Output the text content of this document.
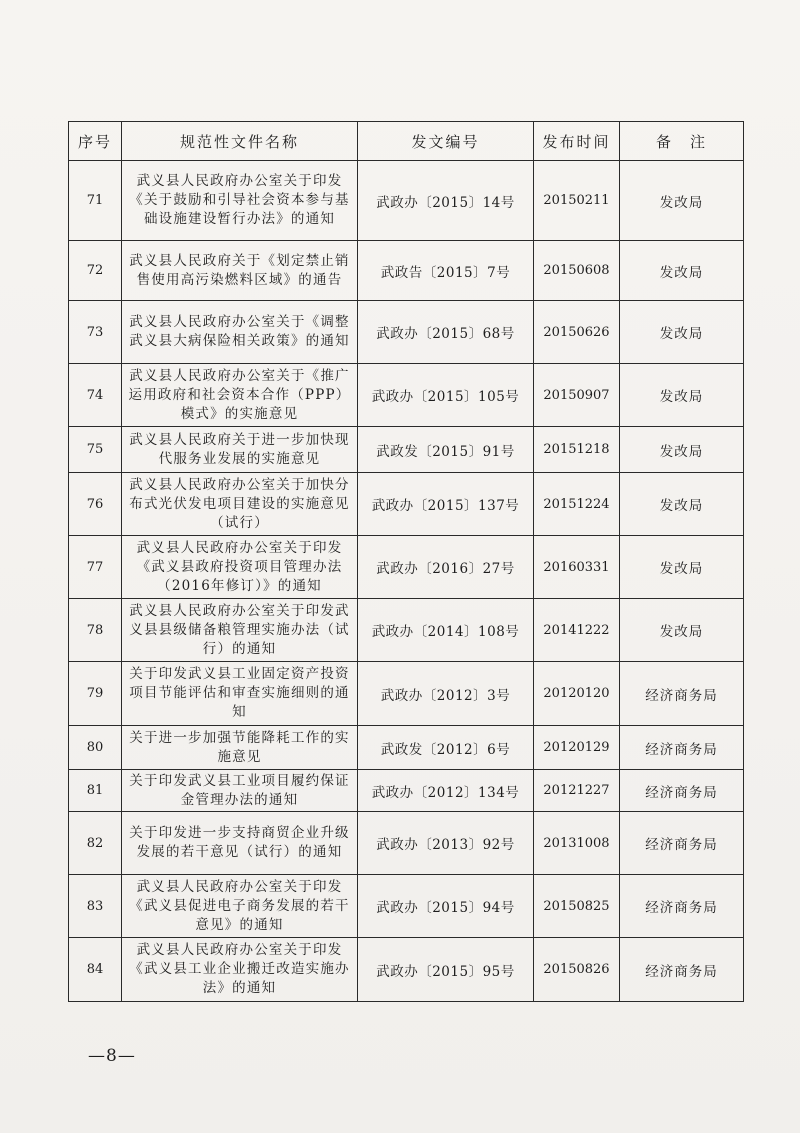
序号	规范性文件名称	发文编号	发布时间	备　注
71	武义县人民政府办公室关于印发《关于鼓励和引导社会资本参与基础设施建设暂行办法》的通知	武政办〔2015〕14号	20150211	发改局
72	武义县人民政府关于《划定禁止销售使用高污染燃料区域》的通告	武政告〔2015〕7号	20150608	发改局
73	武义县人民政府办公室关于《调整武义县大病保险相关政策》的通知	武政办〔2015〕68号	20150626	发改局
74	武义县人民政府办公室关于《推广运用政府和社会资本合作（PPP）模式》的实施意见	武政办〔2015〕105号	20150907	发改局
75	武义县人民政府关于进一步加快现代服务业发展的实施意见	武政发〔2015〕91号	20151218	发改局
76	武义县人民政府办公室关于加快分布式光伏发电项目建设的实施意见（试行）	武政办〔2015〕137号	20151224	发改局
77	武义县人民政府办公室关于印发《武义县政府投资项目管理办法（2016年修订）》的通知	武政办〔2016〕27号	20160331	发改局
78	武义县人民政府办公室关于印发武义县县级储备粮管理实施办法（试行）的通知	武政办〔2014〕108号	20141222	发改局
79	关于印发武义县工业固定资产投资项目节能评估和审查实施细则的通知	武政办〔2012〕3号	20120120	经济商务局
80	关于进一步加强节能降耗工作的实施意见	武政发〔2012〕6号	20120129	经济商务局
81	关于印发武义县工业项目履约保证金管理办法的通知	武政办〔2012〕134号	20121227	经济商务局
82	关于印发进一步支持商贸企业升级发展的若干意见（试行）的通知	武政办〔2013〕92号	20131008	经济商务局
83	武义县人民政府办公室关于印发《武义县促进电子商务发展的若干意见》的通知	武政办〔2015〕94号	20150825	经济商务局
84	武义县人民政府办公室关于印发《武义县工业企业搬迁改造实施办法》的通知	武政办〔2015〕95号	20150826	经济商务局
—8—
